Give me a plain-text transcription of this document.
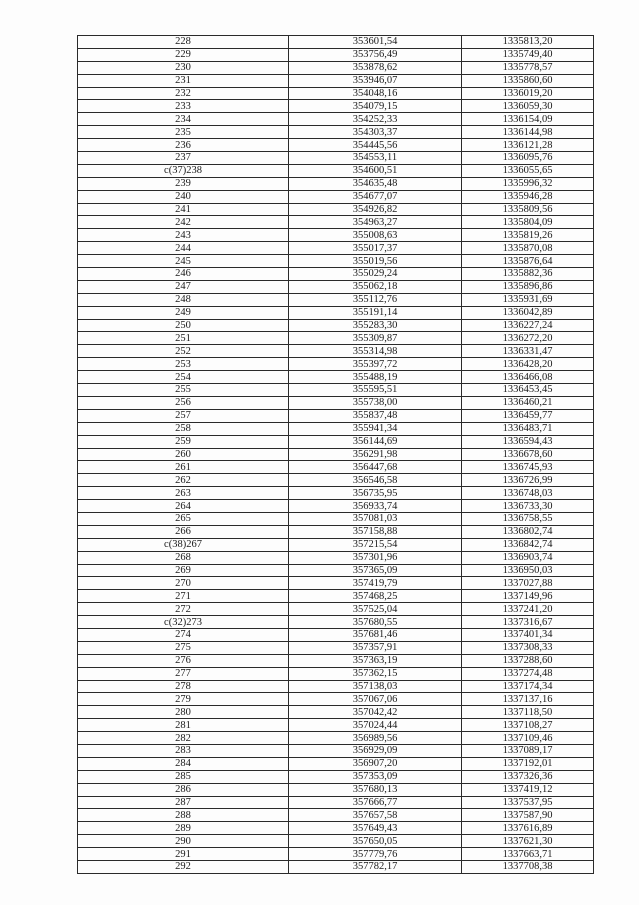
228	353601,54	1335813,20
229	353756,49	1335749,40
230	353878,62	1335778,57
231	353946,07	1335860,60
232	354048,16	1336019,20
233	354079,15	1336059,30
234	354252,33	1336154,09
235	354303,37	1336144,98
236	354445,56	1336121,28
237	354553,11	1336095,76
с(37)238	354600,51	1336055,65
239	354635,48	1335996,32
240	354677,07	1335946,28
241	354926,82	1335809,56
242	354963,27	1335804,09
243	355008,63	1335819,26
244	355017,37	1335870,08
245	355019,56	1335876,64
246	355029,24	1335882,36
247	355062,18	1335896,86
248	355112,76	1335931,69
249	355191,14	1336042,89
250	355283,30	1336227,24
251	355309,87	1336272,20
252	355314,98	1336331,47
253	355397,72	1336428,20
254	355488,19	1336466,08
255	355595,51	1336453,45
256	355738,00	1336460,21
257	355837,48	1336459,77
258	355941,34	1336483,71
259	356144,69	1336594,43
260	356291,98	1336678,60
261	356447,68	1336745,93
262	356546,58	1336726,99
263	356735,95	1336748,03
264	356933,74	1336733,30
265	357081,03	1336758,55
266	357158,88	1336802,74
с(38)267	357215,54	1336842,74
268	357301,96	1336903,74
269	357365,09	1336950,03
270	357419,79	1337027,88
271	357468,25	1337149,96
272	357525,04	1337241,20
с(32)273	357680,55	1337316,67
274	357681,46	1337401,34
275	357357,91	1337308,33
276	357363,19	1337288,60
277	357362,15	1337274,48
278	357138,03	1337174,34
279	357067,06	1337137,16
280	357042,42	1337118,50
281	357024,44	1337108,27
282	356989,56	1337109,46
283	356929,09	1337089,17
284	356907,20	1337192,01
285	357353,09	1337326,36
286	357680,13	1337419,12
287	357666,77	1337537,95
288	357657,58	1337587,90
289	357649,43	1337616,89
290	357650,05	1337621,30
291	357779,76	1337663,71
292	357782,17	1337708,38
